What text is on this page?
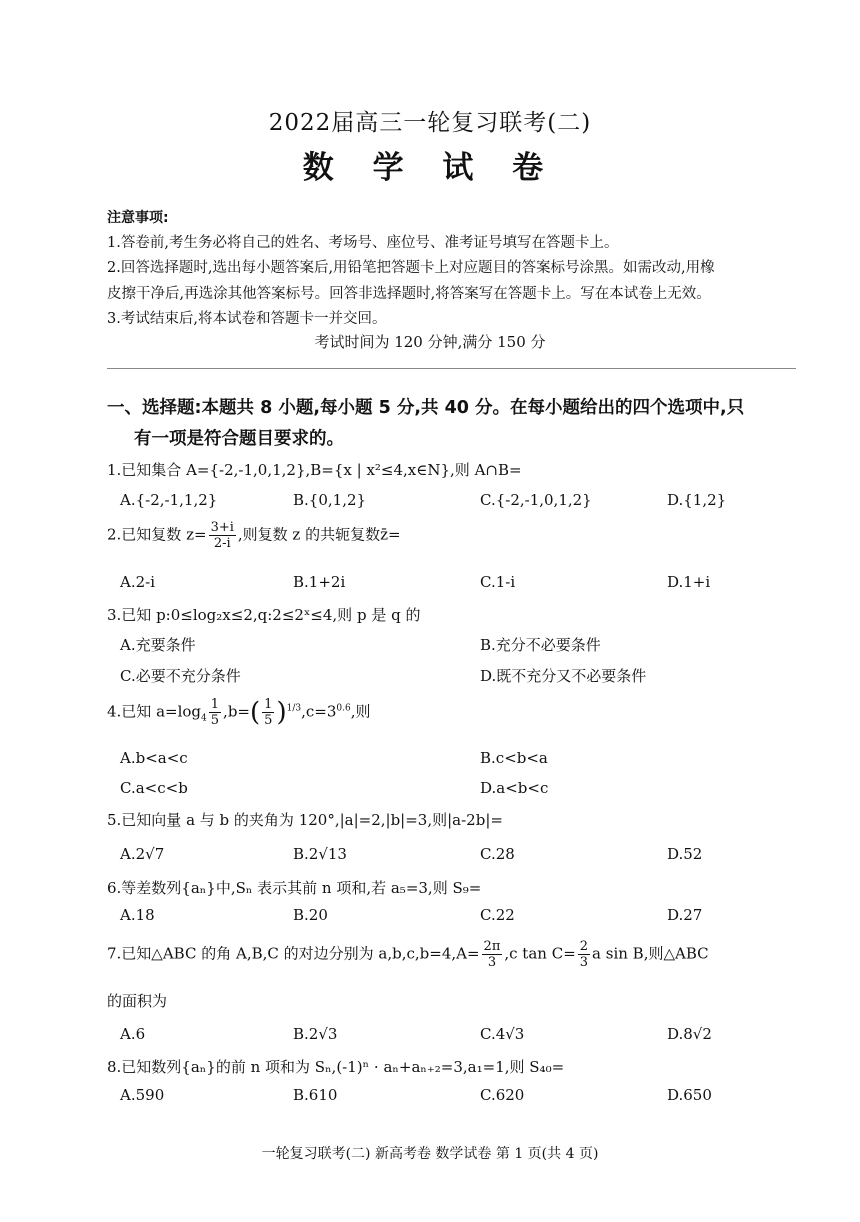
2022届高三一轮复习联考(二)
数 学 试 卷
注意事项:
1.答卷前,考生务必将自己的姓名、考场号、座位号、准考证号填写在答题卡上。
2.回答选择题时,选出每小题答案后,用铅笔把答题卡上对应题目的答案标号涂黑。如需改动,用橡
皮擦干净后,再选涂其他答案标号。回答非选择题时,将答案写在答题卡上。写在本试卷上无效。
3.考试结束后,将本试卷和答题卡一并交回。
考试时间为 120 分钟,满分 150 分
一、选择题:本题共 8 小题,每小题 5 分,共 40 分。在每小题给出的四个选项中,只
有一项是符合题目要求的。
1.已知集合 A={-2,-1,0,1,2},B={x | x²≤4,x∈N},则 A∩B=
A.{-2,-1,1,2}	B.{0,1,2}	C.{-2,-1,0,1,2}	D.{1,2}
2.已知复数 $z= \frac{3+i}{2-i}$ ,则复数 z 的共轭复数z̄=
A.2-i	B.1+2i	C.1-i	D.1+i
3.已知 p:0≤log₂x≤2,q:2≤2ˣ≤4,则 p 是 q 的
A.充要条件	B.充分不必要条件
C.必要不充分条件	D.既不充分又不必要条件
4.已知 $a=\log_4 \frac{1}{5} ,b=( \frac{1}{5} )^{1/3},c=3^{0.6}$,则
A.b<a<c	B.c<b<a
C.a<c<b	D.a<b<c
5.已知向量 a 与 b 的夹角为 120°,|a|=2,|b|=3,则|a-2b|=
A.2√7	B.2√13	C.28	D.52
6.等差数列{aₙ}中,Sₙ 表示其前 n 项和,若 a₅=3,则 S₉=
A.18	B.20	C.22	D.27
7.已知△ABC 的角 A,B,C 的对边分别为 $a,b,c,b=4,A= \frac{2\pi}{3} ,c$ $\tan C= \frac{2}{3}$ a sin B,则△ABC
的面积为
A.6	B.2√3	C.4√3	D.8√2
8.已知数列{aₙ}的前 n 项和为 Sₙ,(-1)ⁿ · aₙ+aₙ₊₂=3,a₁=1,则 S₄₀=
A.590	B.610	C.620	D.650
一轮复习联考(二) 新高考卷 数学试卷 第 1 页(共 4 页)
